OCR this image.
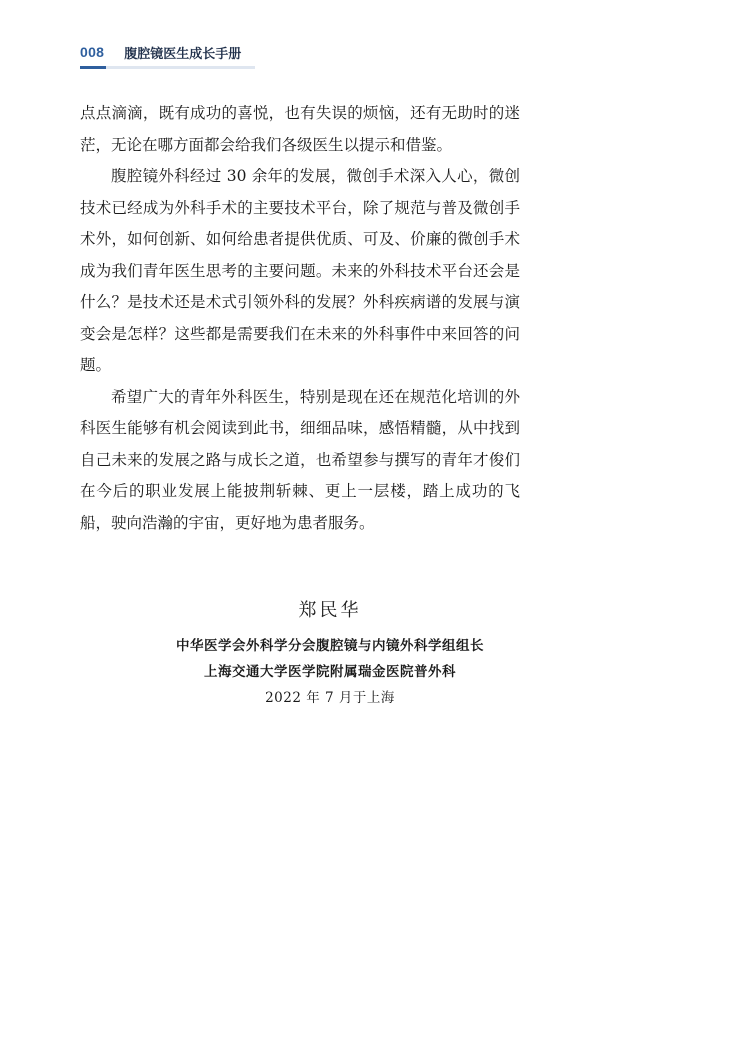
008 腹腔镜医生成长手册

点点滴滴，既有成功的喜悦，也有失误的烦恼，还有无助时的迷茫，无论在哪方面都会给我们各级医生以提示和借鉴。

腹腔镜外科经过 30 余年的发展，微创手术深入人心，微创技术已经成为外科手术的主要技术平台，除了规范与普及微创手术外，如何创新、如何给患者提供优质、可及、价廉的微创手术成为我们青年医生思考的主要问题。未来的外科技术平台还会是什么？是技术还是术式引领外科的发展？外科疾病谱的发展与演变会是怎样？这些都是需要我们在未来的外科事件中来回答的问题。

希望广大的青年外科医生，特别是现在还在规范化培训的外科医生能够有机会阅读到此书，细细品味，感悟精髓，从中找到自己未来的发展之路与成长之道，也希望参与撰写的青年才俊们在今后的职业发展上能披荆斩棘、更上一层楼，踏上成功的飞船，驶向浩瀚的宇宙，更好地为患者服务。

郑民华
中华医学会外科学分会腹腔镜与内镜外科学组组长
上海交通大学医学院附属瑞金医院普外科
2022 年 7 月于上海
